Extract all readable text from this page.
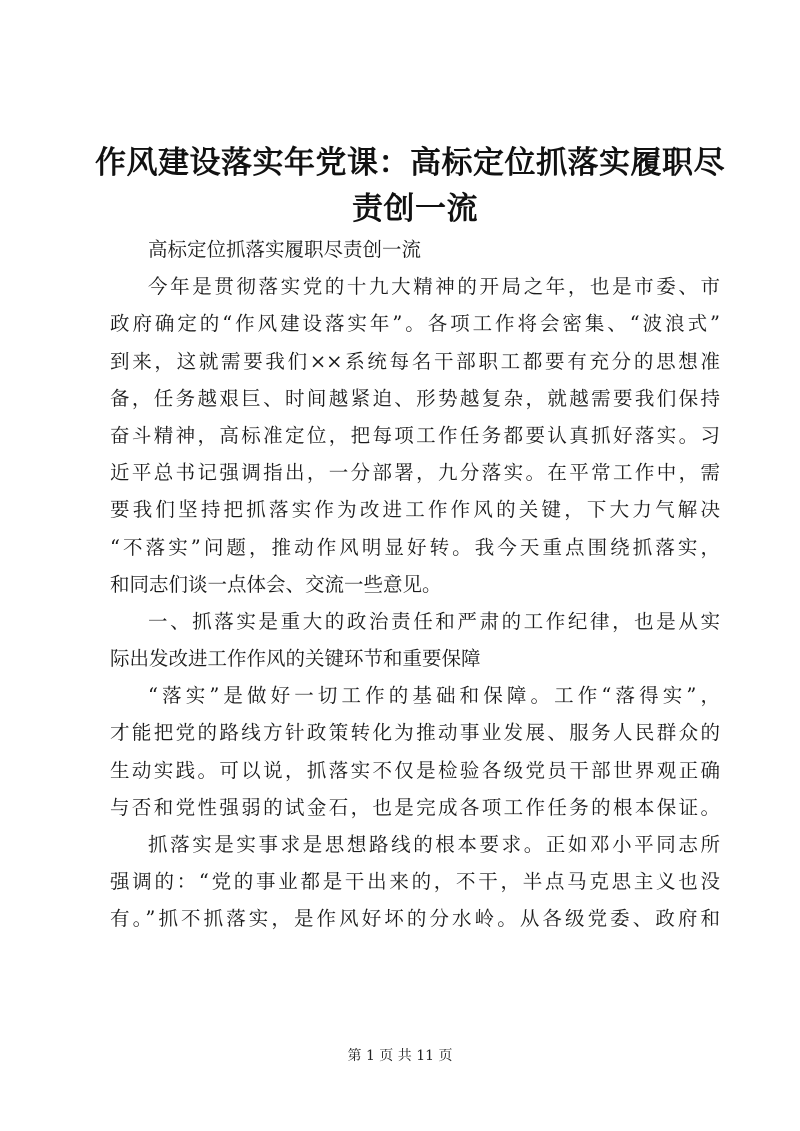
作风建设落实年党课：高标定位抓落实履职尽
责创一流
高标定位抓落实履职尽责创一流
今年是贯彻落实党的十九大精神的开局之年，也是市委、市
政府确定的“作风建设落实年”。各项工作将会密集、“波浪式”
到来，这就需要我们××系统每名干部职工都要有充分的思想准
备，任务越艰巨、时间越紧迫、形势越复杂，就越需要我们保持
奋斗精神，高标准定位，把每项工作任务都要认真抓好落实。习
近平总书记强调指出，一分部署，九分落实。在平常工作中，需
要我们坚持把抓落实作为改进工作作风的关键，下大力气解决
“不落实”问题，推动作风明显好转。我今天重点围绕抓落实，
和同志们谈一点体会、交流一些意见。
一、抓落实是重大的政治责任和严肃的工作纪律，也是从实
际出发改进工作作风的关键环节和重要保障
“落实”是做好一切工作的基础和保障。工作“落得实”，
才能把党的路线方针政策转化为推动事业发展、服务人民群众的
生动实践。可以说，抓落实不仅是检验各级党员干部世界观正确
与否和党性强弱的试金石，也是完成各项工作任务的根本保证。
抓落实是实事求是思想路线的根本要求。正如邓小平同志所
强调的：“党的事业都是干出来的，不干，半点马克思主义也没
有。”抓不抓落实，是作风好坏的分水岭。从各级党委、政府和
第 1 页 共 11 页
